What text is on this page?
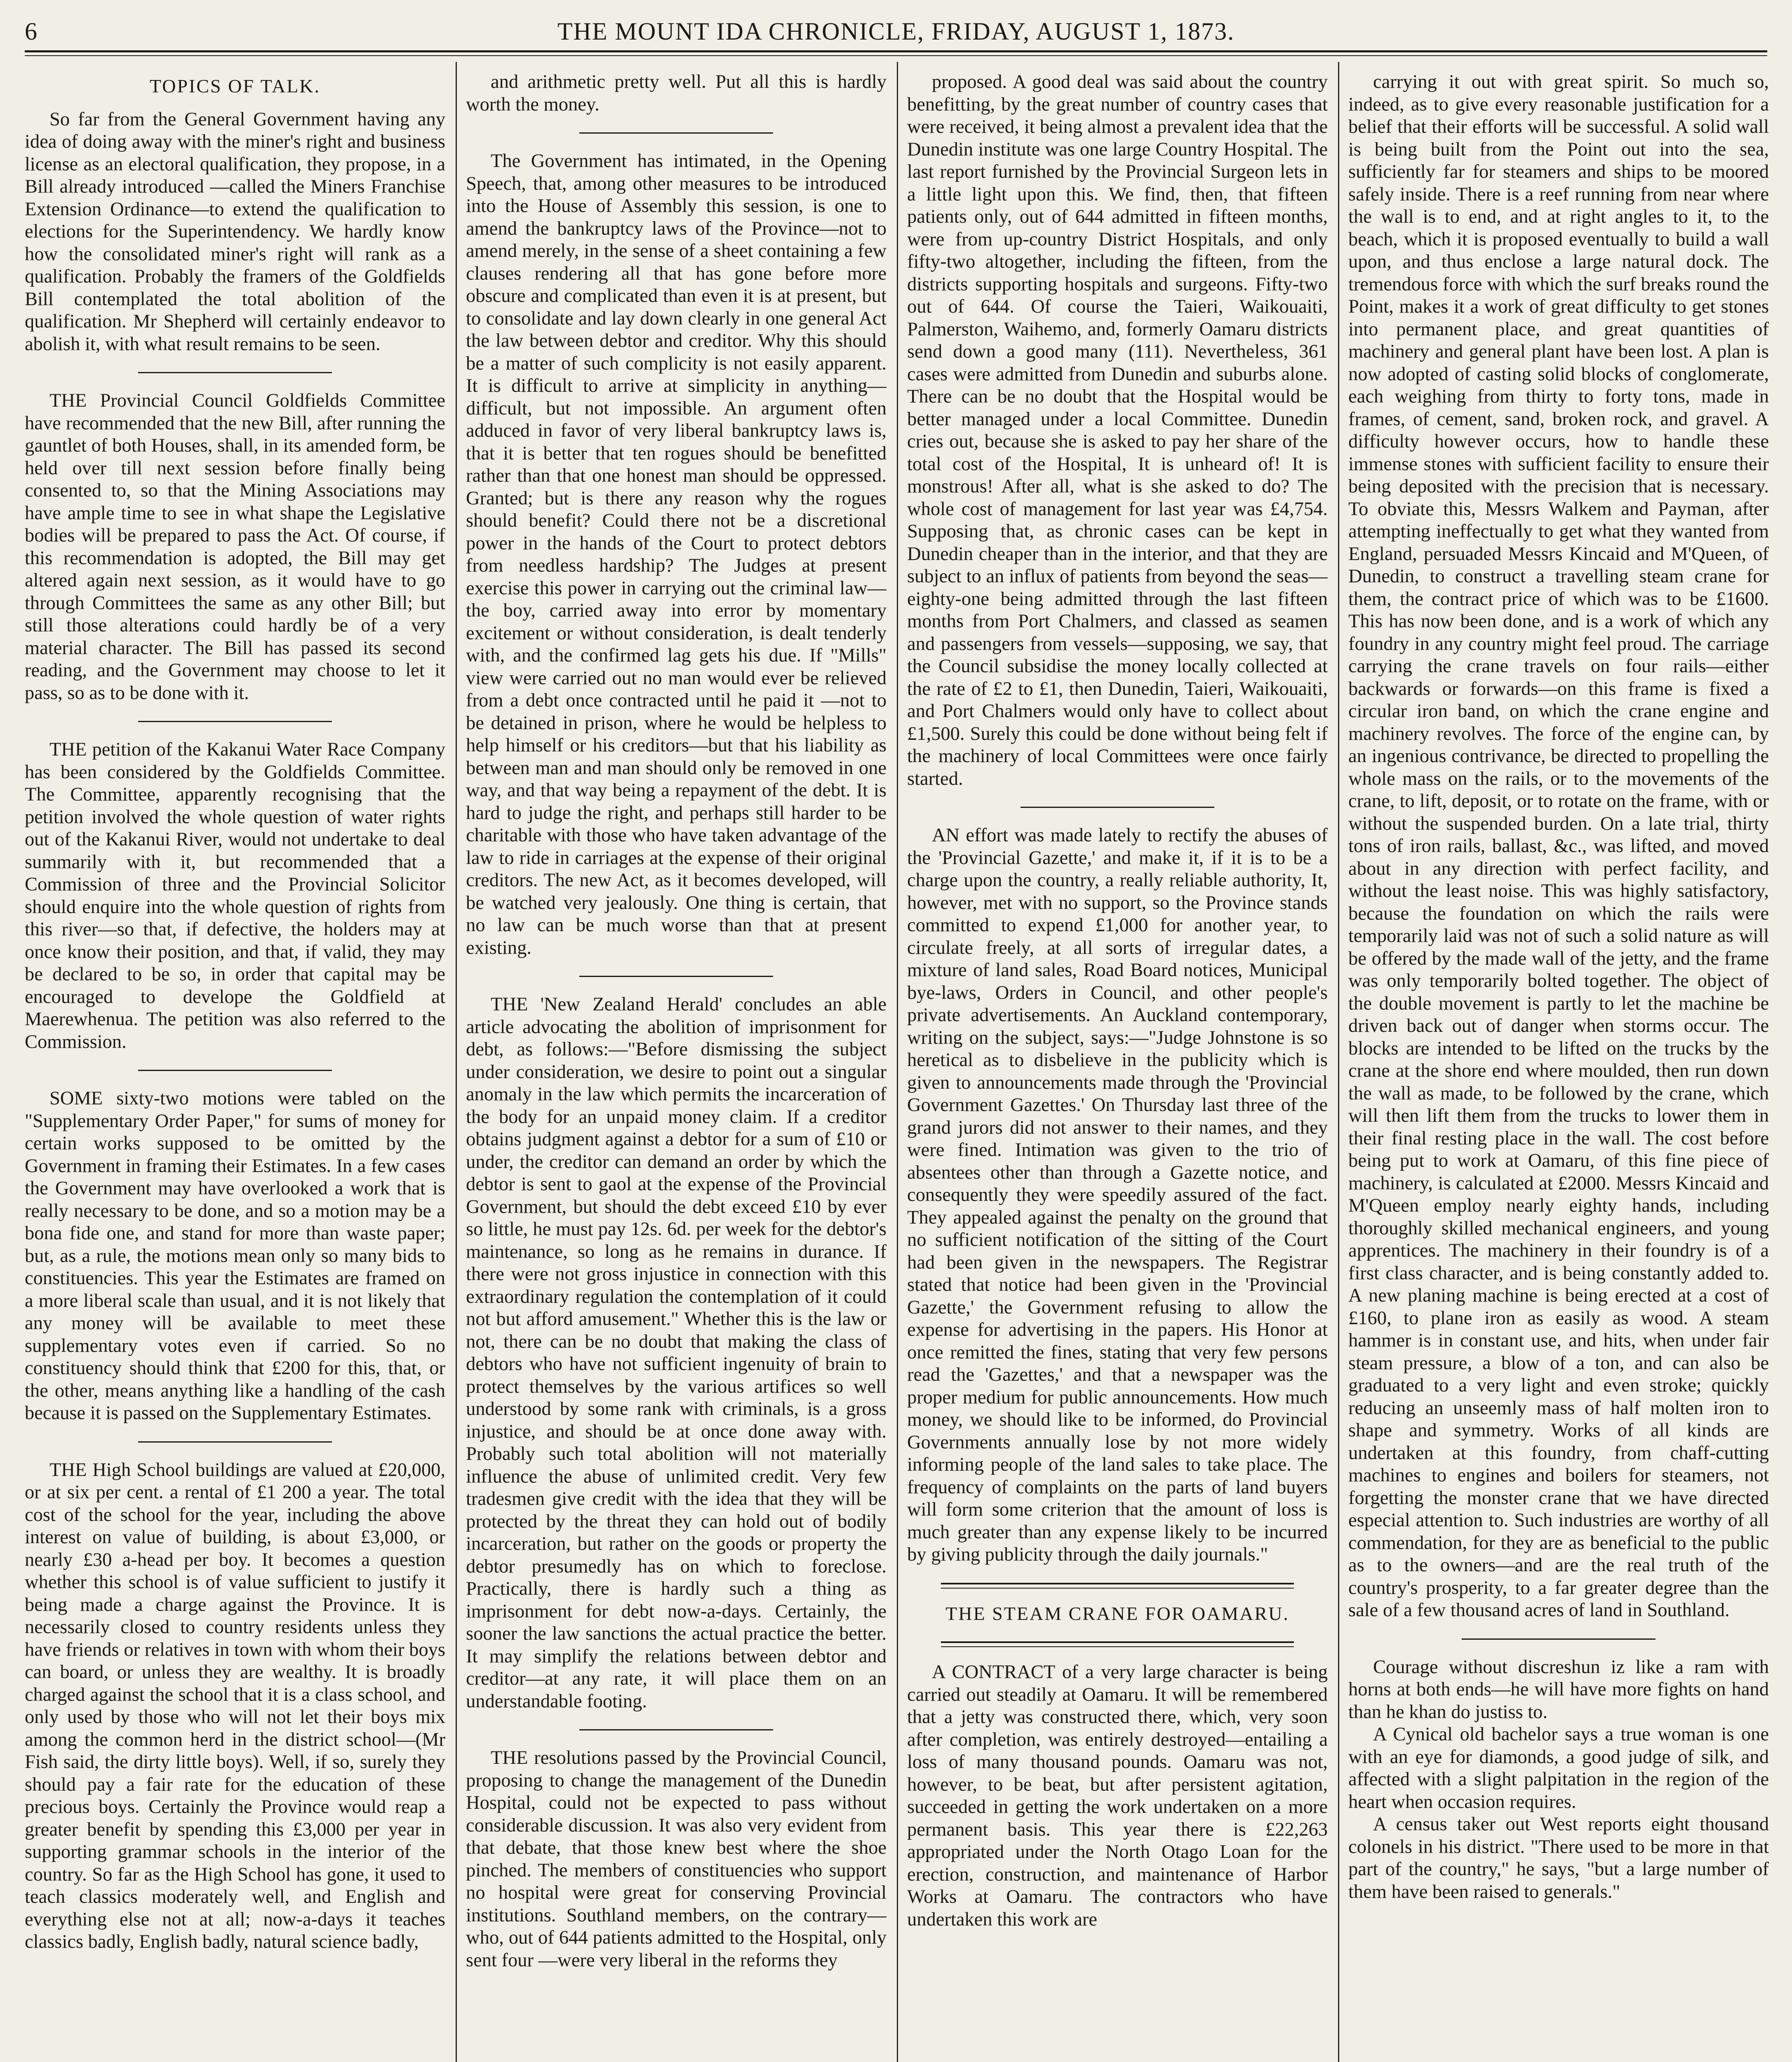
6	THE MOUNT IDA CHRONICLE, FRIDAY, AUGUST 1, 1873.
TOPICS OF TALK.

So far from the General Government having any idea of doing away with the miner's right and business license as an electoral qualification, they propose, in a Bill already introduced —called the Miners Franchise Extension Ordinance—to extend the qualification to elections for the Superintendency. We hardly know how the consolidated miner's right will rank as a qualification. Probably the framers of the Goldfields Bill contemplated the total abolition of the qualification. Mr Shepherd will certainly endeavor to abolish it, with what result remains to be seen.

THE Provincial Council Goldfields Committee have recommended that the new Bill, after running the gauntlet of both Houses, shall, in its amended form, be held over till next session before finally being consented to, so that the Mining Associations may have ample time to see in what shape the Legislative bodies will be prepared to pass the Act. Of course, if this recommendation is adopted, the Bill may get altered again next session, as it would have to go through Committees the same as any other Bill; but still those alterations could hardly be of a very material character. The Bill has passed its second reading, and the Government may choose to let it pass, so as to be done with it.

THE petition of the Kakanui Water Race Company has been considered by the Goldfields Committee. The Committee, apparently recognising that the petition involved the whole question of water rights out of the Kakanui River, would not undertake to deal summarily with it, but recommended that a Commission of three and the Provincial Solicitor should enquire into the whole question of rights from this river—so that, if defective, the holders may at once know their position, and that, if valid, they may be declared to be so, in order that capital may be encouraged to develope the Goldfield at Maerewhenua. The petition was also referred to the Commission.

SOME sixty-two motions were tabled on the "Supplementary Order Paper," for sums of money for certain works supposed to be omitted by the Government in framing their Estimates. In a few cases the Government may have overlooked a work that is really necessary to be done, and so a motion may be a bona fide one, and stand for more than waste paper; but, as a rule, the motions mean only so many bids to constituencies. This year the Estimates are framed on a more liberal scale than usual, and it is not likely that any money will be available to meet these supplementary votes even if carried. So no constituency should think that £200 for this, that, or the other, means anything like a handling of the cash because it is passed on the Supplementary Estimates.

THE High School buildings are valued at £20,000, or at six per cent. a rental of £1 200 a year. The total cost of the school for the year, including the above interest on value of building, is about £3,000, or nearly £30 a-head per boy. It becomes a question whether this school is of value sufficient to justify it being made a charge against the Province. It is necessarily closed to country residents unless they have friends or relatives in town with whom their boys can board, or unless they are wealthy. It is broadly charged against the school that it is a class school, and only used by those who will not let their boys mix among the common herd in the district school—(Mr Fish said, the dirty little boys). Well, if so, surely they should pay a fair rate for the education of these precious boys. Certainly the Province would reap a greater benefit by spending this £3,000 per year in supporting grammar schools in the interior of the country. So far as the High School has gone, it used to teach classics moderately well, and English and everything else not at all; now-a-days it teaches classics badly, English badly, natural science badly,

and arithmetic pretty well. Put all this is hardly worth the money.

The Government has intimated, in the Opening Speech, that, among other measures to be introduced into the House of Assembly this session, is one to amend the bankruptcy laws of the Province—not to amend merely, in the sense of a sheet containing a few clauses rendering all that has gone before more obscure and complicated than even it is at present, but to consolidate and lay down clearly in one general Act the law between debtor and creditor. Why this should be a matter of such complicity is not easily apparent. It is difficult to arrive at simplicity in anything—difficult, but not impossible. An argument often adduced in favor of very liberal bankruptcy laws is, that it is better that ten rogues should be benefitted rather than that one honest man should be oppressed. Granted; but is there any reason why the rogues should benefit? Could there not be a discretional power in the hands of the Court to protect debtors from needless hardship? The Judges at present exercise this power in carrying out the criminal law—the boy, carried away into error by momentary excitement or without consideration, is dealt tenderly with, and the confirmed lag gets his due. If "Mills" view were carried out no man would ever be relieved from a debt once contracted until he paid it —not to be detained in prison, where he would be helpless to help himself or his creditors—but that his liability as between man and man should only be removed in one way, and that way being a repayment of the debt. It is hard to judge the right, and perhaps still harder to be charitable with those who have taken advantage of the law to ride in carriages at the expense of their original creditors. The new Act, as it becomes developed, will be watched very jealously. One thing is certain, that no law can be much worse than that at present existing.

THE 'New Zealand Herald' concludes an able article advocating the abolition of imprisonment for debt, as follows:—"Before dismissing the subject under consideration, we desire to point out a singular anomaly in the law which permits the incarceration of the body for an unpaid money claim. If a creditor obtains judgment against a debtor for a sum of £10 or under, the creditor can demand an order by which the debtor is sent to gaol at the expense of the Provincial Government, but should the debt exceed £10 by ever so little, he must pay 12s. 6d. per week for the debtor's maintenance, so long as he remains in durance. If there were not gross injustice in connection with this extraordinary regulation the contemplation of it could not but afford amusement." Whether this is the law or not, there can be no doubt that making the class of debtors who have not sufficient ingenuity of brain to protect themselves by the various artifices so well understood by some rank with criminals, is a gross injustice, and should be at once done away with. Probably such total abolition will not materially influence the abuse of unlimited credit. Very few tradesmen give credit with the idea that they will be protected by the threat they can hold out of bodily incarceration, but rather on the goods or property the debtor presumedly has on which to foreclose. Practically, there is hardly such a thing as imprisonment for debt now-a-days. Certainly, the sooner the law sanctions the actual practice the better. It may simplify the relations between debtor and creditor—at any rate, it will place them on an understandable footing.

THE resolutions passed by the Provincial Council, proposing to change the management of the Dunedin Hospital, could not be expected to pass without considerable discussion. It was also very evident from that debate, that those knew best where the shoe pinched. The members of constituencies who support no hospital were great for conserving Provincial institutions. Southland members, on the contrary—who, out of 644 patients admitted to the Hospital, only sent four —were very liberal in the reforms they

proposed. A good deal was said about the country benefitting, by the great number of country cases that were received, it being almost a prevalent idea that the Dunedin institute was one large Country Hospital. The last report furnished by the Provincial Surgeon lets in a little light upon this. We find, then, that fifteen patients only, out of 644 admitted in fifteen months, were from up-country District Hospitals, and only fifty-two altogether, including the fifteen, from the districts supporting hospitals and surgeons. Fifty-two out of 644. Of course the Taieri, Waikouaiti, Palmerston, Waihemo, and, formerly Oamaru districts send down a good many (111). Nevertheless, 361 cases were admitted from Dunedin and suburbs alone. There can be no doubt that the Hospital would be better managed under a local Committee. Dunedin cries out, because she is asked to pay her share of the total cost of the Hospital, It is unheard of! It is monstrous! After all, what is she asked to do? The whole cost of management for last year was £4,754. Supposing that, as chronic cases can be kept in Dunedin cheaper than in the interior, and that they are subject to an influx of patients from beyond the seas—eighty-one being admitted through the last fifteen months from Port Chalmers, and classed as seamen and passengers from vessels—supposing, we say, that the Council subsidise the money locally collected at the rate of £2 to £1, then Dunedin, Taieri, Waikouaiti, and Port Chalmers would only have to collect about £1,500. Surely this could be done without being felt if the machinery of local Committees were once fairly started.

AN effort was made lately to rectify the abuses of the 'Provincial Gazette,' and make it, if it is to be a charge upon the country, a really reliable authority, It, however, met with no support, so the Province stands committed to expend £1,000 for another year, to circulate freely, at all sorts of irregular dates, a mixture of land sales, Road Board notices, Municipal bye-laws, Orders in Council, and other people's private advertisements. An Auckland contemporary, writing on the subject, says:—"Judge Johnstone is so heretical as to disbelieve in the publicity which is given to announcements made through the 'Provincial Government Gazettes.' On Thursday last three of the grand jurors did not answer to their names, and they were fined. Intimation was given to the trio of absentees other than through a Gazette notice, and consequently they were speedily assured of the fact. They appealed against the penalty on the ground that no sufficient notification of the sitting of the Court had been given in the newspapers. The Registrar stated that notice had been given in the 'Provincial Gazette,' the Government refusing to allow the expense for advertising in the papers. His Honor at once remitted the fines, stating that very few persons read the 'Gazettes,' and that a newspaper was the proper medium for public announcements. How much money, we should like to be informed, do Provincial Governments annually lose by not more widely informing people of the land sales to take place. The frequency of complaints on the parts of land buyers will form some criterion that the amount of loss is much greater than any expense likely to be incurred by giving publicity through the daily journals."

THE STEAM CRANE FOR OAMARU.

A CONTRACT of a very large character is being carried out steadily at Oamaru. It will be remembered that a jetty was constructed there, which, very soon after completion, was entirely destroyed—entailing a loss of many thousand pounds. Oamaru was not, however, to be beat, but after persistent agitation, succeeded in getting the work undertaken on a more permanent basis. This year there is £22,263 appropriated under the North Otago Loan for the erection, construction, and maintenance of Harbor Works at Oamaru. The contractors who have undertaken this work are

carrying it out with great spirit. So much so, indeed, as to give every reasonable justification for a belief that their efforts will be successful. A solid wall is being built from the Point out into the sea, sufficiently far for steamers and ships to be moored safely inside. There is a reef running from near where the wall is to end, and at right angles to it, to the beach, which it is proposed eventually to build a wall upon, and thus enclose a large natural dock. The tremendous force with which the surf breaks round the Point, makes it a work of great difficulty to get stones into permanent place, and great quantities of machinery and general plant have been lost. A plan is now adopted of casting solid blocks of conglomerate, each weighing from thirty to forty tons, made in frames, of cement, sand, broken rock, and gravel. A difficulty however occurs, how to handle these immense stones with sufficient facility to ensure their being deposited with the precision that is necessary. To obviate this, Messrs Walkem and Payman, after attempting ineffectually to get what they wanted from England, persuaded Messrs Kincaid and M'Queen, of Dunedin, to construct a travelling steam crane for them, the contract price of which was to be £1600. This has now been done, and is a work of which any foundry in any country might feel proud. The carriage carrying the crane travels on four rails—either backwards or forwards—on this frame is fixed a circular iron band, on which the crane engine and machinery revolves. The force of the engine can, by an ingenious contrivance, be directed to propelling the whole mass on the rails, or to the movements of the crane, to lift, deposit, or to rotate on the frame, with or without the suspended burden. On a late trial, thirty tons of iron rails, ballast, &c., was lifted, and moved about in any direction with perfect facility, and without the least noise. This was highly satisfactory, because the foundation on which the rails were temporarily laid was not of such a solid nature as will be offered by the made wall of the jetty, and the frame was only temporarily bolted together. The object of the double movement is partly to let the machine be driven back out of danger when storms occur. The blocks are intended to be lifted on the trucks by the crane at the shore end where moulded, then run down the wall as made, to be followed by the crane, which will then lift them from the trucks to lower them in their final resting place in the wall. The cost before being put to work at Oamaru, of this fine piece of machinery, is calculated at £2000. Messrs Kincaid and M'Queen employ nearly eighty hands, including thoroughly skilled mechanical engineers, and young apprentices. The machinery in their foundry is of a first class character, and is being constantly added to. A new planing machine is being erected at a cost of £160, to plane iron as easily as wood. A steam hammer is in constant use, and hits, when under fair steam pressure, a blow of a ton, and can also be graduated to a very light and even stroke; quickly reducing an unseemly mass of half molten iron to shape and symmetry. Works of all kinds are undertaken at this foundry, from chaff-cutting machines to engines and boilers for steamers, not forgetting the monster crane that we have directed especial attention to. Such industries are worthy of all commendation, for they are as beneficial to the public as to the owners—and are the real truth of the country's prosperity, to a far greater degree than the sale of a few thousand acres of land in Southland.

Courage without discreshun iz like a ram with horns at both ends—he will have more fights on hand than he khan do justiss to.

A Cynical old bachelor says a true woman is one with an eye for diamonds, a good judge of silk, and affected with a slight palpitation in the region of the heart when occasion requires.

A census taker out West reports eight thousand colonels in his district. "There used to be more in that part of the country," he says, "but a large number of them have been raised to generals."
